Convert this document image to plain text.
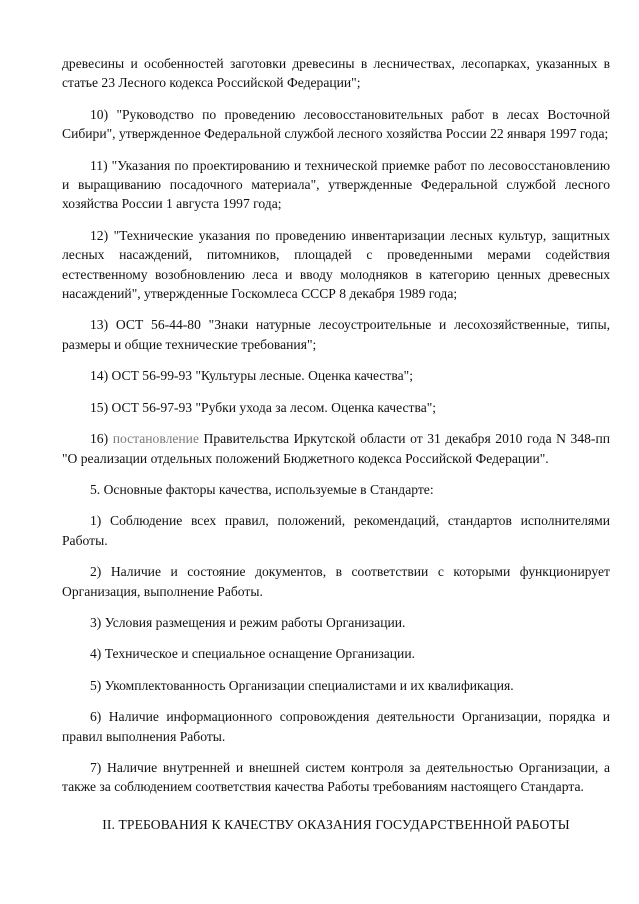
древесины и особенностей заготовки древесины в лесничествах, лесопарках, указанных в статье 23 Лесного кодекса Российской Федерации";

10) "Руководство по проведению лесовосстановительных работ в лесах Восточной Сибири", утвержденное Федеральной службой лесного хозяйства России 22 января 1997 года;

11) "Указания по проектированию и технической приемке работ по лесовосстановлению и выращиванию посадочного материала", утвержденные Федеральной службой лесного хозяйства России 1 августа 1997 года;

12) "Технические указания по проведению инвентаризации лесных культур, защитных лесных насаждений, питомников, площадей с проведенными мерами содействия естественному возобновлению леса и вводу молодняков в категорию ценных древесных насаждений", утвержденные Госкомлеса СССР 8 декабря 1989 года;

13) ОСТ 56-44-80 "Знаки натурные лесоустроительные и лесохозяйственные, типы, размеры и общие технические требования";

14) ОСТ 56-99-93 "Культуры лесные. Оценка качества";

15) ОСТ 56-97-93 "Рубки ухода за лесом. Оценка качества";

16) постановление Правительства Иркутской области от 31 декабря 2010 года N 348-пп "О реализации отдельных положений Бюджетного кодекса Российской Федерации".

5. Основные факторы качества, используемые в Стандарте:

1) Соблюдение всех правил, положений, рекомендаций, стандартов исполнителями Работы.

2) Наличие и состояние документов, в соответствии с которыми функционирует Организация, выполнение Работы.

3) Условия размещения и режим работы Организации.

4) Техническое и специальное оснащение Организации.

5) Укомплектованность Организации специалистами и их квалификация.

6) Наличие информационного сопровождения деятельности Организации, порядка и правил выполнения Работы.

7) Наличие внутренней и внешней систем контроля за деятельностью Организации, а также за соблюдением соответствия качества Работы требованиям настоящего Стандарта.

II. ТРЕБОВАНИЯ К КАЧЕСТВУ ОКАЗАНИЯ ГОСУДАРСТВЕННОЙ РАБОТЫ
